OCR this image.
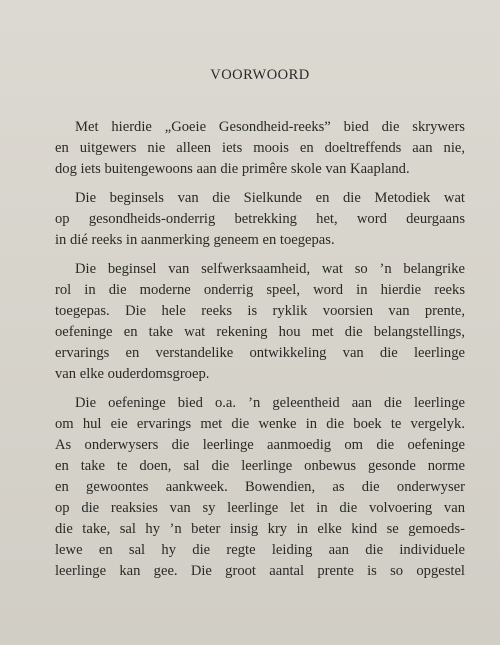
VOORWOORD
Met hierdie „Goeie Gesondheid-reeks” bied die skrywers
en uitgewers nie alleen iets moois en doeltreffends aan nie,
dog iets buitengewoons aan die primêre skole van Kaapland.
Die beginsels van die Sielkunde en die Metodiek wat
op gesondheids-onderrig betrekking het, word deurgaans
in dié reeks in aanmerking geneem en toegepas.
Die beginsel van selfwerksaamheid, wat so ’n belangrike
rol in die moderne onderrig speel, word in hierdie reeks
toegepas. Die hele reeks is ryklik voorsien van prente,
oefeninge en take wat rekening hou met die belangstellings,
ervarings en verstandelike ontwikkeling van die leerlinge
van elke ouderdomsgroep.
Die oefeninge bied o.a. ’n geleentheid aan die leerlinge
om hul eie ervarings met die wenke in die boek te vergelyk.
As onderwysers die leerlinge aanmoedig om die oefeninge
en take te doen, sal die leerlinge onbewus gesonde norme
en gewoontes aankweek. Bowendien, as die onderwyser
op die reaksies van sy leerlinge let in die volvoering van
die take, sal hy ’n beter insig kry in elke kind se gemoeds-
lewe en sal hy die regte leiding aan die individuele
leerlinge kan gee. Die groot aantal prente is so opgestel
